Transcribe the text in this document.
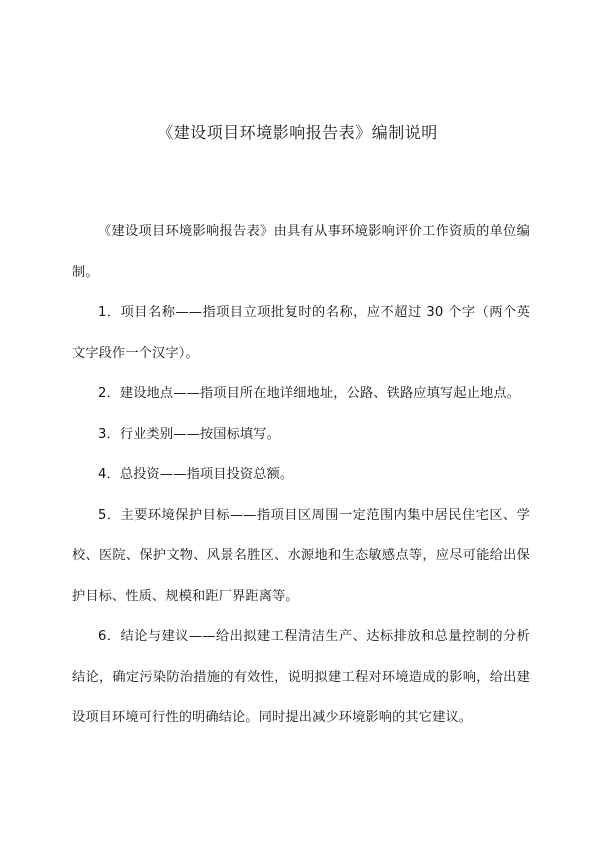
《建设项目环境影响报告表》编制说明

《建设项目环境影响报告表》由具有从事环境影响评价工作资质的单位编制。

1．项目名称——指项目立项批复时的名称，应不超过 30 个字（两个英文字段作一个汉字）。

2．建设地点——指项目所在地详细地址，公路、铁路应填写起止地点。

3．行业类别——按国标填写。

4．总投资——指项目投资总额。

5．主要环境保护目标——指项目区周围一定范围内集中居民住宅区、学校、医院、保护文物、风景名胜区、水源地和生态敏感点等，应尽可能给出保护目标、性质、规模和距厂界距离等。

6．结论与建议——给出拟建工程清洁生产、达标排放和总量控制的分析结论，确定污染防治措施的有效性，说明拟建工程对环境造成的影响，给出建设项目环境可行性的明确结论。同时提出减少环境影响的其它建议。
